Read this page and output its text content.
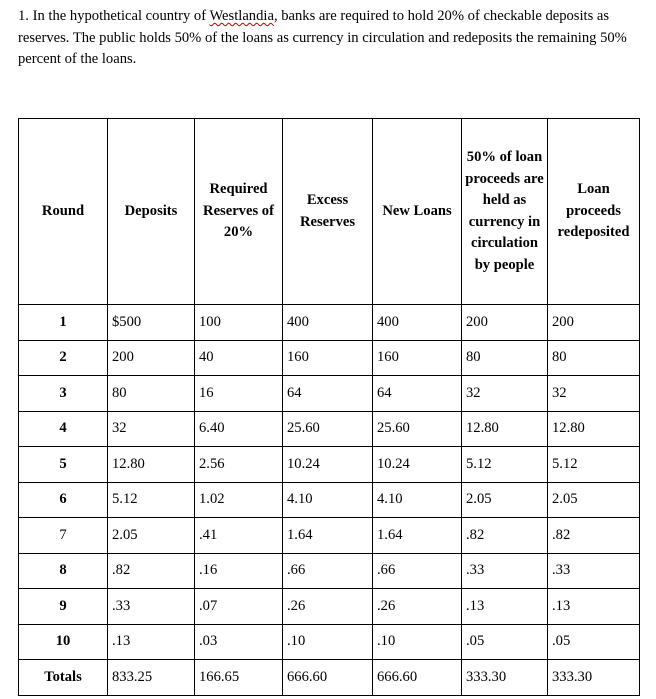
1. In the hypothetical country of Westlandia, banks are required to hold 20% of checkable deposits as reserves. The public holds 50% of the loans as currency in circulation and redeposits the remaining 50% percent of the loans.
Round	Deposits	Required Reserves of 20%	Excess Reserves	New Loans	50% of loan proceeds are held as currency in circulation by people	Loan proceeds redeposited
1	$500	100	400	400	200	200
2	200	40	160	160	80	80
3	80	16	64	64	32	32
4	32	6.40	25.60	25.60	12.80	12.80
5	12.80	2.56	10.24	10.24	5.12	5.12
6	5.12	1.02	4.10	4.10	2.05	2.05
7	2.05	.41	1.64	1.64	.82	.82
8	.82	.16	.66	.66	.33	.33
9	.33	.07	.26	.26	.13	.13
10	.13	.03	.10	.10	.05	.05
Totals	833.25	166.65	666.60	666.60	333.30	333.30
